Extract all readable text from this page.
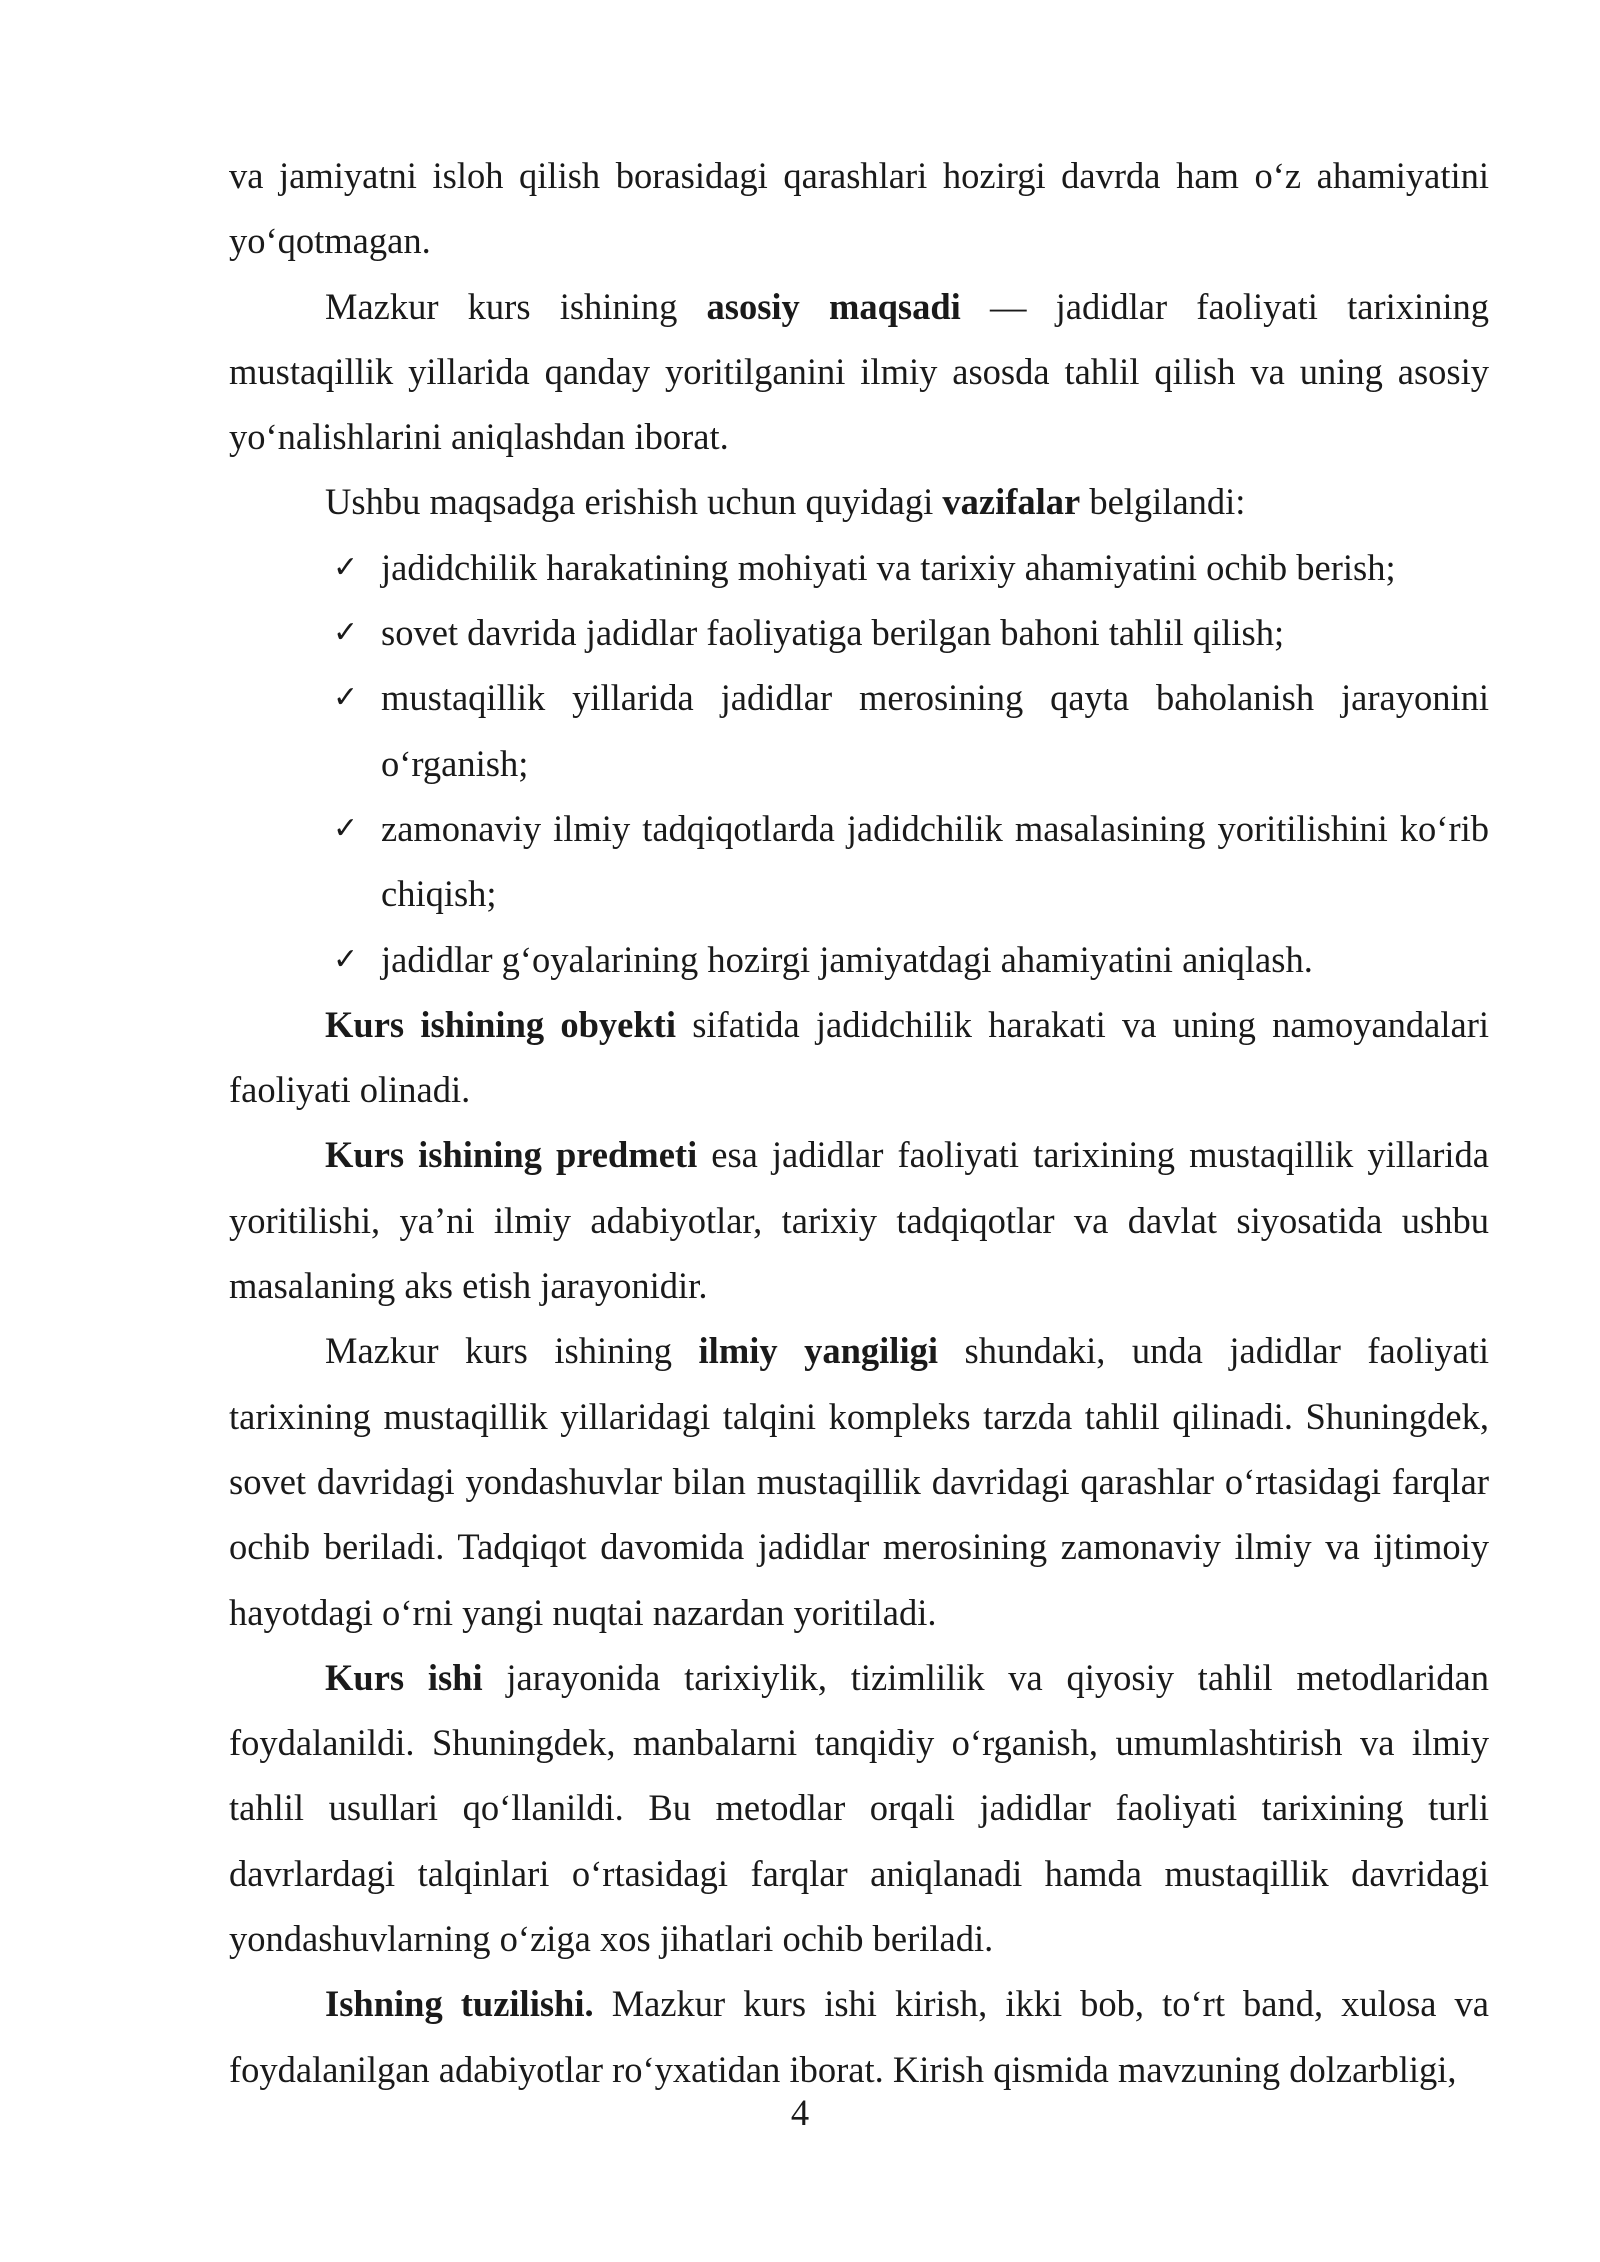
va jamiyatni isloh qilish borasidagi qarashlari hozirgi davrda ham o‘z ahamiyatini yo‘qotmagan.

Mazkur kurs ishining asosiy maqsadi — jadidlar faoliyati tarixining mustaqillik yillarida qanday yoritilganini ilmiy asosda tahlil qilish va uning asosiy yo‘nalishlarini aniqlashdan iborat.

Ushbu maqsadga erishish uchun quyidagi vazifalar belgilandi:

✓ jadidchilik harakatining mohiyati va tarixiy ahamiyatini ochib berish;
✓ sovet davrida jadidlar faoliyatiga berilgan bahoni tahlil qilish;
✓ mustaqillik yillarida jadidlar merosining qayta baholanish jarayonini o‘rganish;
✓ zamonaviy ilmiy tadqiqotlarda jadidchilik masalasining yoritilishini ko‘rib chiqish;
✓ jadidlar g‘oyalarining hozirgi jamiyatdagi ahamiyatini aniqlash.

Kurs ishining obyekti sifatida jadidchilik harakati va uning namoyandalari faoliyati olinadi.

Kurs ishining predmeti esa jadidlar faoliyati tarixining mustaqillik yillarida yoritilishi, ya’ni ilmiy adabiyotlar, tarixiy tadqiqotlar va davlat siyosatida ushbu masalaning aks etish jarayonidir.

Mazkur kurs ishining ilmiy yangiligi shundaki, unda jadidlar faoliyati tarixining mustaqillik yillaridagi talqini kompleks tarzda tahlil qilinadi. Shuningdek, sovet davridagi yondashuvlar bilan mustaqillik davridagi qarashlar o‘rtasidagi farqlar ochib beriladi. Tadqiqot davomida jadidlar merosining zamonaviy ilmiy va ijtimoiy hayotdagi o‘rni yangi nuqtai nazardan yoritiladi.

Kurs ishi jarayonida tarixiylik, tizimlilik va qiyosiy tahlil metodlaridan foydalanildi. Shuningdek, manbalarni tanqidiy o‘rganish, umumlashtirish va ilmiy tahlil usullari qo‘llanildi. Bu metodlar orqali jadidlar faoliyati tarixining turli davrlardagi talqinlari o‘rtasidagi farqlar aniqlanadi hamda mustaqillik davridagi yondashuvlarning o‘ziga xos jihatlari ochib beriladi.

Ishning tuzilishi. Mazkur kurs ishi kirish, ikki bob, to‘rt band, xulosa va foydalanilgan adabiyotlar ro‘yxatidan iborat. Kirish qismida mavzuning dolzarbligi,

4
